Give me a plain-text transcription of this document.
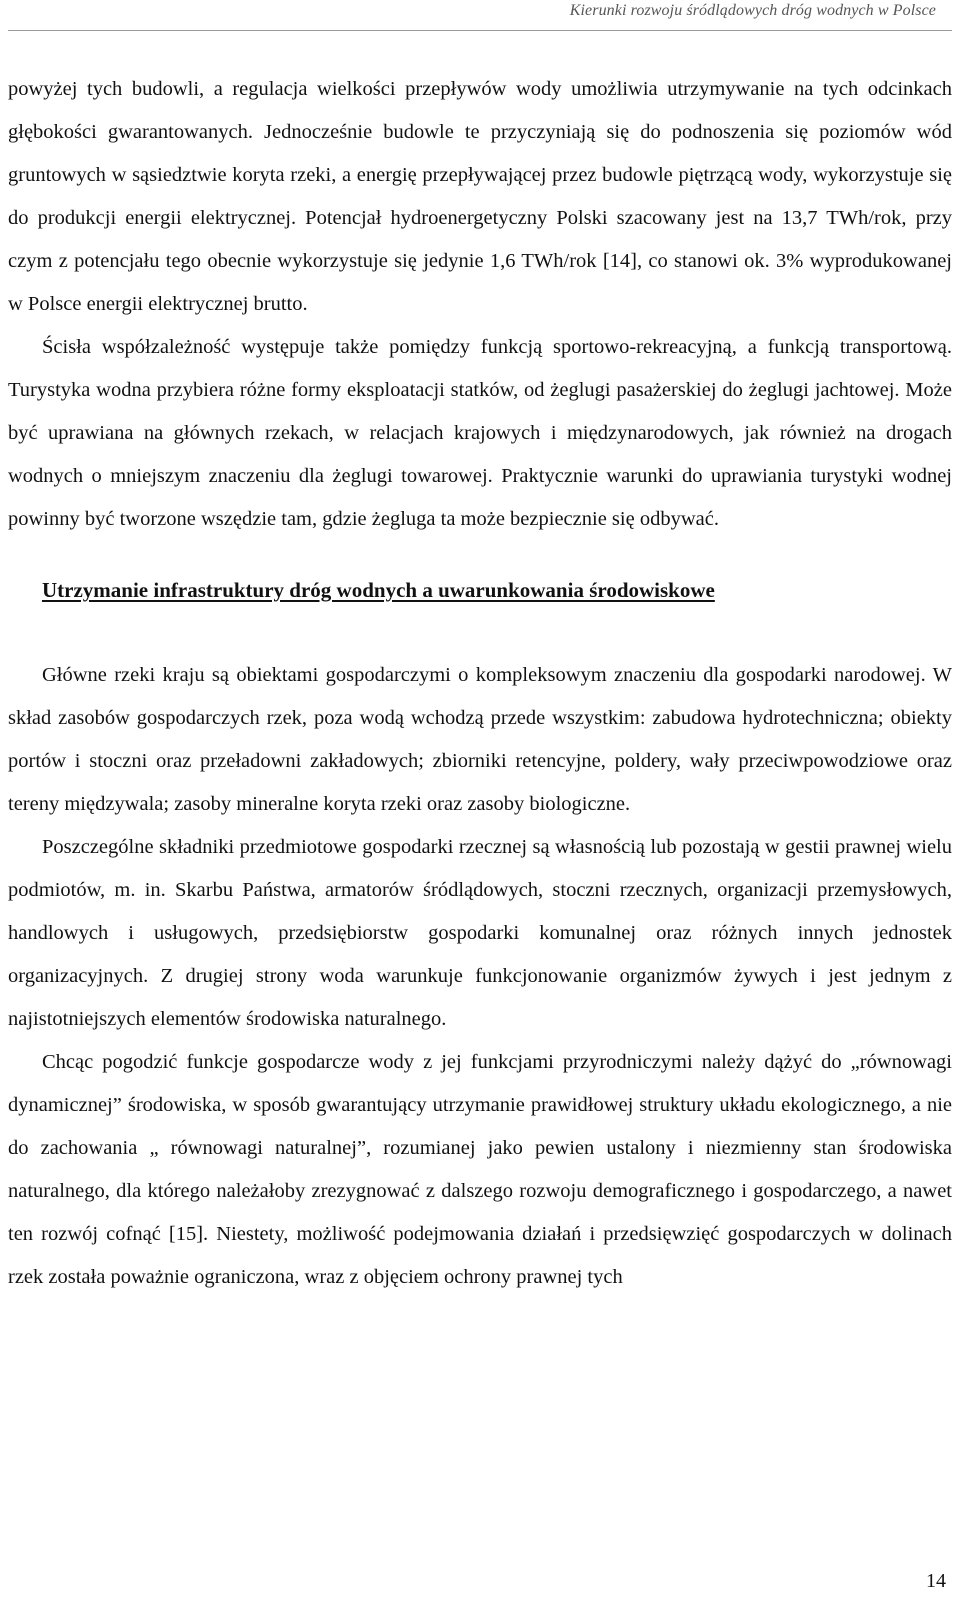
Kierunki rozwoju śródlądowych dróg wodnych w Polsce

powyżej tych budowli, a regulacja wielkości przepływów wody umożliwia utrzymywanie na tych odcinkach głębokości gwarantowanych. Jednocześnie budowle te przyczyniają się do podnoszenia się poziomów wód gruntowych w sąsiedztwie koryta rzeki, a energię przepływającej przez budowle piętrzącą wody, wykorzystuje się do produkcji energii elektrycznej. Potencjał hydroenergetyczny Polski szacowany jest na 13,7 TWh/rok, przy czym z potencjału tego obecnie wykorzystuje się jedynie 1,6 TWh/rok [14], co stanowi ok. 3% wyprodukowanej w Polsce energii elektrycznej brutto.

Ścisła współzależność występuje także pomiędzy funkcją sportowo-rekreacyjną, a funkcją transportową. Turystyka wodna przybiera różne formy eksploatacji statków, od żeglugi pasażerskiej do żeglugi jachtowej. Może być uprawiana na głównych rzekach, w relacjach krajowych i międzynarodowych, jak również na drogach wodnych o mniejszym znaczeniu dla żeglugi towarowej. Praktycznie warunki do uprawiania turystyki wodnej powinny być tworzone wszędzie tam, gdzie żegluga ta może bezpiecznie się odbywać.

Utrzymanie infrastruktury dróg wodnych a uwarunkowania środowiskowe

Główne rzeki kraju są obiektami gospodarczymi o kompleksowym znaczeniu dla gospodarki narodowej. W skład zasobów gospodarczych rzek, poza wodą wchodzą przede wszystkim: zabudowa hydrotechniczna; obiekty portów i stoczni oraz przeładowni zakładowych; zbiorniki retencyjne, poldery, wały przeciwpowodziowe oraz tereny międzywala; zasoby mineralne koryta rzeki oraz zasoby biologiczne.

Poszczególne składniki przedmiotowe gospodarki rzecznej są własnością lub pozostają w gestii prawnej wielu podmiotów, m. in. Skarbu Państwa, armatorów śródlądowych, stoczni rzecznych, organizacji przemysłowych, handlowych i usługowych, przedsiębiorstw gospodarki komunalnej oraz różnych innych jednostek organizacyjnych. Z drugiej strony woda warunkuje funkcjonowanie organizmów żywych i jest jednym z najistotniejszych elementów środowiska naturalnego.

Chcąc pogodzić funkcje gospodarcze wody z jej funkcjami przyrodniczymi należy dążyć do „równowagi dynamicznej” środowiska, w sposób gwarantujący utrzymanie prawidłowej struktury układu ekologicznego, a nie do zachowania „ równowagi naturalnej”, rozumianej jako pewien ustalony i niezmienny stan środowiska naturalnego, dla którego należałoby zrezygnować z dalszego rozwoju demograficznego i gospodarczego, a nawet ten rozwój cofnąć [15]. Niestety, możliwość podejmowania działań i przedsięwzięć gospodarczych w dolinach rzek została poważnie ograniczona, wraz z objęciem ochrony prawnej tych

14
